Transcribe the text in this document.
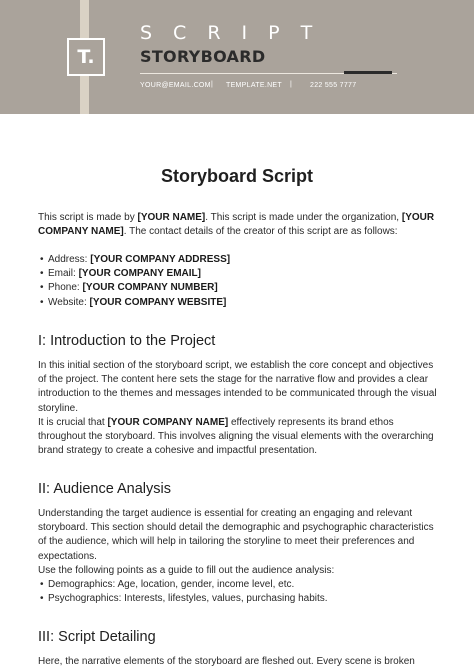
T.
SCRIPT
STORYBOARD
YOUR@EMAIL.COM | TEMPLATE.NET |	222 555 7777
Storyboard Script

This script is made by [YOUR NAME]. This script is made under the organization, [YOUR COMPANY NAME]. The contact details of the creator of this script are as follows:

• Address: [YOUR COMPANY ADDRESS]
• Email: [YOUR COMPANY EMAIL]
• Phone: [YOUR COMPANY NUMBER]
• Website: [YOUR COMPANY WEBSITE]
I: Introduction to the Project

In this initial section of the storyboard script, we establish the core concept and objectives of the project. The content here sets the stage for the narrative flow and provides a clear introduction to the themes and messages intended to be communicated through the visual storyline.

It is crucial that [YOUR COMPANY NAME] effectively represents its brand ethos throughout the storyboard. This involves aligning the visual elements with the overarching brand strategy to create a cohesive and impactful presentation.

II: Audience Analysis

Understanding the target audience is essential for creating an engaging and relevant storyboard. This section should detail the demographic and psychographic characteristics of the audience, which will help in tailoring the storyline to meet their preferences and expectations.

Use the following points as a guide to fill out the audience analysis:

• Demographics: Age, location, gender, income level, etc.
• Psychographics: Interests, lifestyles, values, purchasing habits.
III: Script Detailing

Here, the narrative elements of the storyboard are fleshed out. Every scene is broken
